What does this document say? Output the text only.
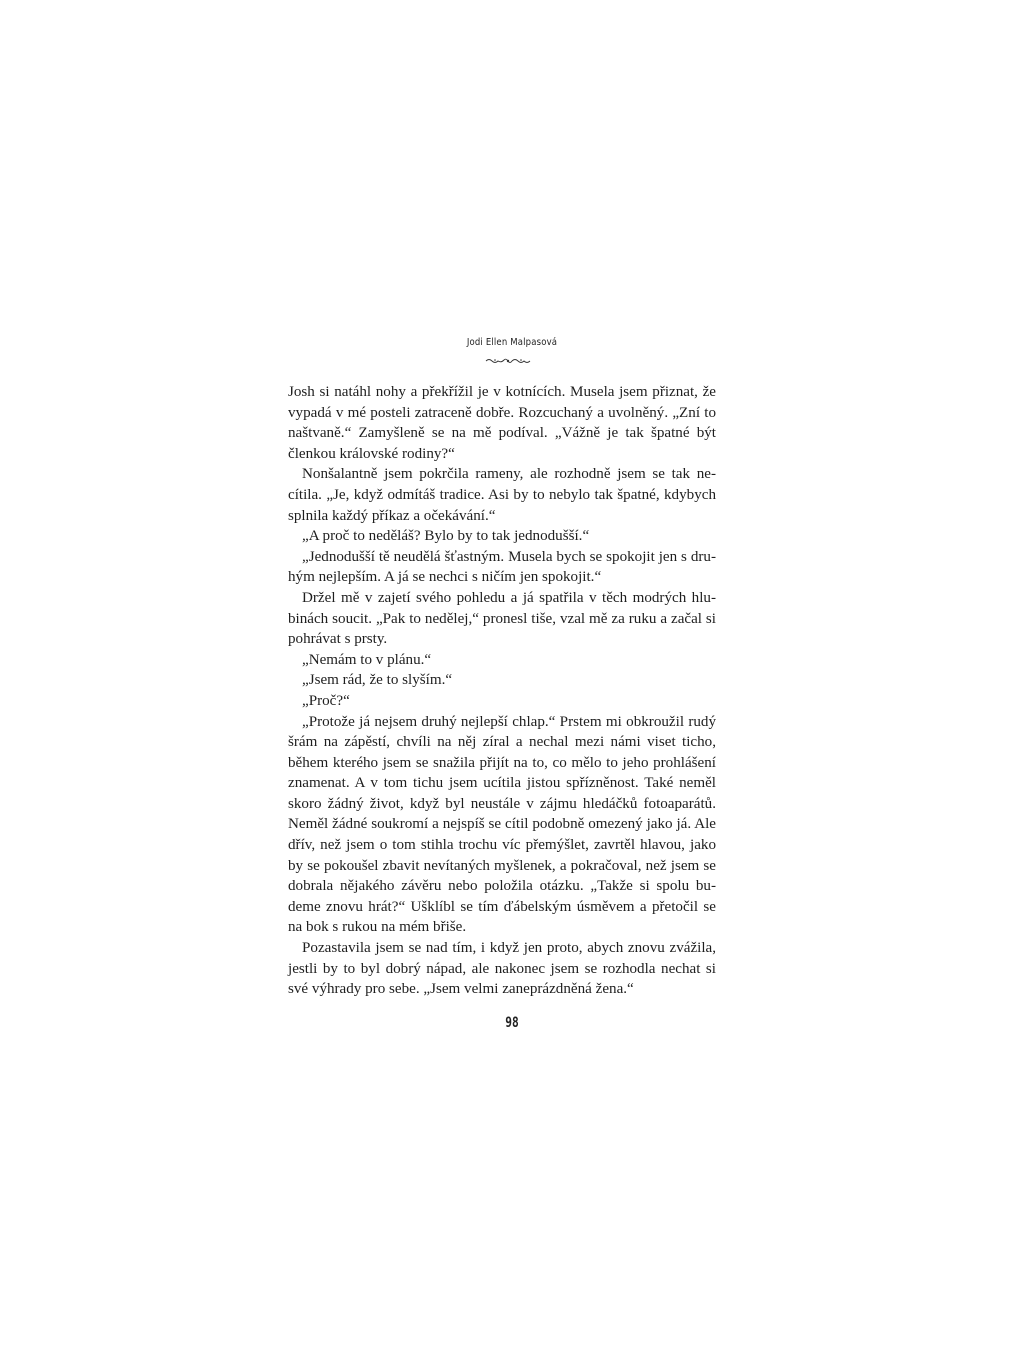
Jodi Ellen Malpasová

Josh si natáhl nohy a překřížil je v kotnících. Musela jsem přiznat, že vypadá v mé posteli zatraceně dobře. Rozcuchaný a uvolněný. „Zní to naštvaně.“ Zamyšleně se na mě podíval. „Vážně je tak špatné být členkou královské rodiny?“

Nonšalantně jsem pokrčila rameny, ale rozhodně jsem se tak necítila. „Je, když odmítáš tradice. Asi by to nebylo tak špatné, kdybych splnila každý příkaz a očekávání.“

„A proč to neděláš? Bylo by to tak jednodušší.“

„Jednodušší tě neudělá šťastným. Musela bych se spokojit jen s druhým nejlepším. A já se nechci s ničím jen spokojit.“

Držel mě v zajetí svého pohledu a já spatřila v těch modrých hlubinách soucit. „Pak to nedělej,“ pronesl tiše, vzal mě za ruku a začal si pohrávat s prsty.

„Nemám to v plánu.“

„Jsem rád, že to slyším.“

„Proč?“

„Protože já nejsem druhý nejlepší chlap.“ Prstem mi obkroužil rudý šrám na zápěstí, chvíli na něj zíral a nechal mezi námi viset ticho, během kterého jsem se snažila přijít na to, co mělo to jeho prohlášení znamenat. A v tom tichu jsem ucítila jistou spřízněnost. Také neměl skoro žádný život, když byl neustále v zájmu hledáčků fotoaparátů. Neměl žádné soukromí a nejspíš se cítil podobně omezený jako já. Ale dřív, než jsem o tom stihla trochu víc přemýšlet, zavrtěl hlavou, jako by se pokoušel zbavit nevítaných myšlenek, a pokračoval, než jsem se dobrala nějakého závěru nebo položila otázku. „Takže si spolu budeme znovu hrát?“ Ušklíbl se tím ďábelským úsměvem a přetočil se na bok s rukou na mém břiše.

Pozastavila jsem se nad tím, i když jen proto, abych znovu zvážila, jestli by to byl dobrý nápad, ale nakonec jsem se rozhodla nechat si své výhrady pro sebe. „Jsem velmi zaneprázdněná žena.“

98
